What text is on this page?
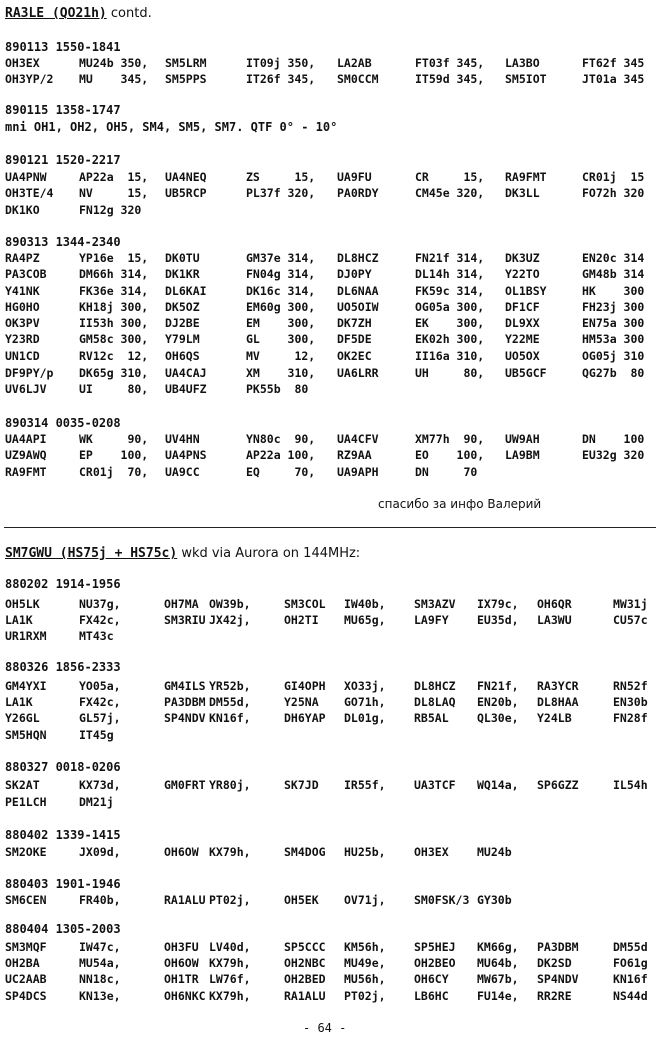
RA3LE (QO21h) contd.
890113 1550-1841
OH3EX	MU24b 350, SM5LRM	IT09j 350, LA2AB	FT03f 345, LA3BO	FT62f 345
OH3YP/2 MU    345, SM5PPS	IT26f 345, SM0CCM	IT59d 345, SM5IOT	JT01a 345
890115 1358-1747
mni OH1, OH2, OH5, SM4, SM5, SM7. QTF 0° - 10°
890121 1520-2217
UA4PNW	AP22a  15, UA4NEQ	ZS     15, UA9FU	CR     15, RA9FMT	CR01j  15
OH3TE/4 NV     15, UB5RCP	PL37f 320, PA0RDY	CM45e 320, DK3LL	FO72h 320
DK1KO	FN12g 320
890313 1344-2340
RA4PZ	YP16e  15, DK0TU	GM37e 314, DL8HCZ	FN21f 314, DK3UZ	EN20c 314
PA3COB	DM66h 314, DK1KR	FN04g 314, DJ0PY	DL14h 314, Y22TO	GM48b 314
Y41NK	FK36e 314, DL6KAI	DK16c 314, DL6NAA	FK59c 314, OL1BSY	HK    300
HG0HO	KH18j 300, DK5OZ	EM60g 300, UO5OIW	OG05a 300, DF1CF	FH23j 300
OK3PV	II53h 300, DJ2BE	EM    300, DK7ZH	EK    300, DL9XX	EN75a 300
Y23RD	GM58c 300, Y79LM	GL    300, DF5DE	EK02h 300, Y22ME	HM53a 300
UN1CD	RV12c  12, OH6QS	MV     12, OK2EC	II16a 310, UO5OX	OG05j 310
DF9PY/p DK65g 310, UA4CAJ	XM    310, UA6LRR	UH     80, UB5GCF	QG27b  80
UV6LJV	UI     80, UB4UFZ	PK55b  80
890314 0035-0208
UA4API	WK     90, UV4HN	YN80c  90, UA4CFV	XM77h  90, UW9AH	DN    100
UZ9AWQ	EP    100, UA4PNS	AP22a 100, RZ9AA	EO    100, LA9BM	EU32g 320
RA9FMT	CR01j  70, UA9CC	EQ     70, UA9APH	DN     70
спасибо за инфо Валерий
SM7GWU (HS75j + HS75c) wkd via Aurora on 144MHz:
880202 1914-1956
OH5LK	NU37g,	OH7MA OW39b,	SM3COL IW40b, SM3AZV IX79c, OH6QR	MW31j
LA1K	FX42c,	SM3RIU JX42j,	OH2TI MU65g, LA9FY EU35d, LA3WU	CU57c
UR1RXM	MT43c
880326 1856-2333
GM4YXI	YO05a,	GM4ILS YR52b,	GI4OPH XO33j, DL8HCZ FN21f, RA3YCR	RN52f
LA1K	FX42c,	PA3DBM DM55d,	Y25NA GO71h, DL8LAQ EN20b, DL8HAA	EN30b
Y26GL	GL57j,	SP4NDV KN16f,	DH6YAP DL01g, RB5AL QL30e, Y24LB	FN28f
SM5HQN	IT45g
880327 0018-0206
SK2AT	KX73d,	GM0FRT YR80j,	SK7JD IR55f, UA3TCF WQ14a, SP6GZZ	IL54h
PE1LCH	DM21j
880402 1339-1415
SM2OKE	JX09d,	OH6OW KX79h,	SM4DOG HU25b, OH3EX MU24b
880403 1901-1946
SM6CEN	FR40b,	RA1ALU PT02j,	OH5EK OV71j, SM0FSK/3 GY30b
880404 1305-2003
SM3MQF	IW47c,	OH3FU LV40d,	SP5CCC KM56h, SP5HEJ KM66g, PA3DBM	DM55d
OH2BA	MU54a,	OH6OW KX79h,	OH2NBC MU49e, OH2BEO MU64b, DK2SD	FO61g
UC2AAB	NN18c,	OH1TR LW76f,	OH2BED MU56h, OH6CY MW67b, SP4NDV	KN16f
SP4DCS	KN13e,	OH6NKC KX79h,	RA1ALU PT02j, LB6HC FU14e, RR2RE	NS44d
- 64 -
